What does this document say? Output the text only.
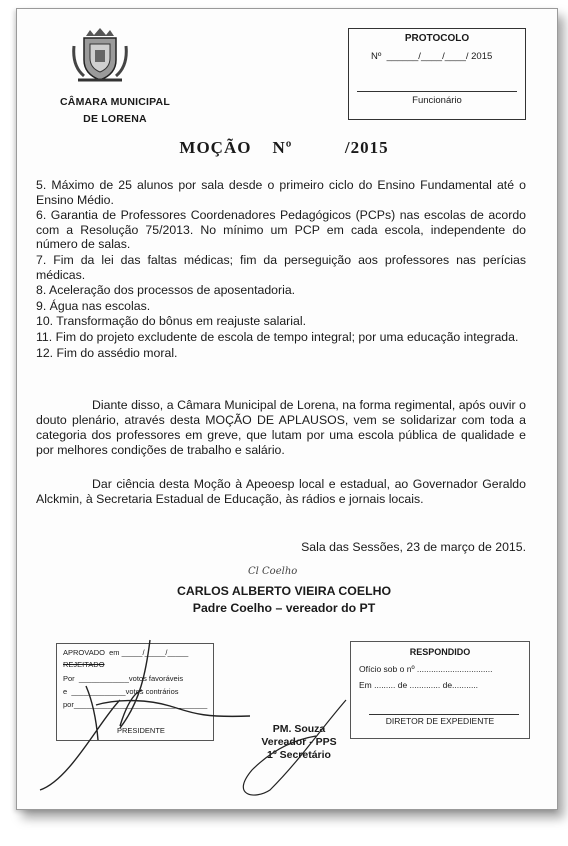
CÂMARA MUNICIPAL
DE LORENA
PROTOCOLO
Nº  ______/____/____/ 2015
Funcionário
MOÇÃO    Nº          /2015

5. Máximo de 25 alunos por sala desde o primeiro ciclo do Ensino Fundamental até o Ensino Médio.

6. Garantia de Professores Coordenadores Pedagógicos (PCPs) nas escolas de acordo com a Resolução 75/2013. No mínimo um PCP em cada escola, independente do número de salas.

7. Fim da lei das faltas médicas; fim da perseguição aos professores nas perícias médicas.

8. Aceleração dos processos de aposentadoria.

9. Água nas escolas.

10. Transformação do bônus em reajuste salarial.

11. Fim do projeto excludente de escola de tempo integral; por uma educação integrada.

12. Fim do assédio moral.

Diante disso, a Câmara Municipal de Lorena, na forma regimental, após ouvir o douto plenário, através desta MOÇÃO DE APLAUSOS, vem se solidarizar com toda a categoria dos professores em greve, que lutam por uma escola pública de qualidade e por melhores condições de trabalho e salário.

Dar ciência desta Moção à Apeoesp local e estadual, ao Governador Geraldo Alckmin, à Secretaria Estadual de Educação, às rádios e jornais locais.

Sala das Sessões, 23 de março de 2015.
Cl Coelho
CARLOS ALBERTO VIEIRA COELHO
Padre Coelho – vereador do PT
APROVADO  em _____/_____/_____
REJEITADO
Por  ____________votos favoráveis
e  _____________votos contrários
por________________________________
PRESIDENTE
RESPONDIDO
Ofício sob o nº ................................
Em ......... de ............. de...........
DIRETOR DE EXPEDIENTE
PM. Souza
Vereador - PPS
1º Secretário
